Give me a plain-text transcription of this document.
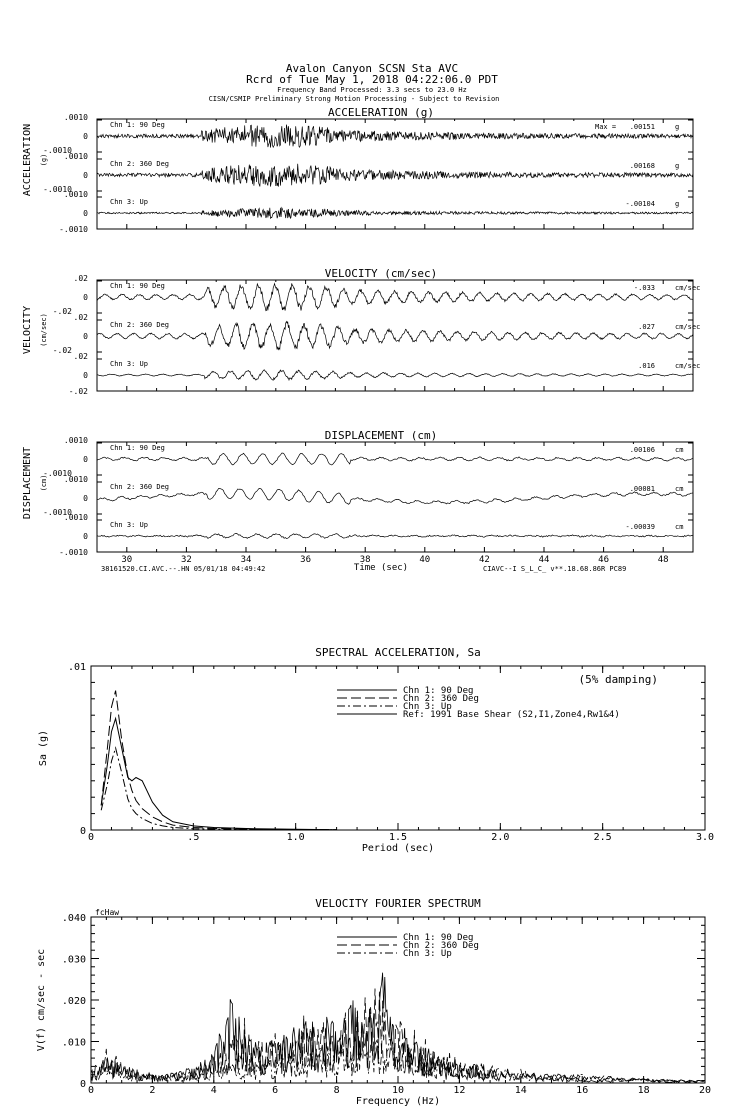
Avalon Canyon SCSN Sta AVC
Rcrd of Tue May 1, 2018 04:22:06.0 PDT
Frequency Band Processed: 3.3 secs to 23.0 Hz
CISN/CSMIP Preliminary Strong Motion Processing - Subject to Revision
ACCELERATION (g)
ACCELERATION (g)
.0010
0
-.0010
Chn 1: 90 Deg	Max = .00151	g
.0010
0
-.0010
Chn 2: 360 Deg	.00168	g
.0010
0
-.0010
Chn 3: Up	-.00104	g
VELOCITY (cm/sec)
VELOCITY (cm/sec)
.02
0
-.02
Chn 1: 90 Deg	-.033	cm/sec
.02
0
-.02
Chn 2: 360 Deg	.027	cm/sec
.02
0
-.02
Chn 3: Up	.016	cm/sec
DISPLACEMENT (cm)
DISPLACEMENT (cm)
.0010
0
-.0010
Chn 1: 90 Deg	.00106	cm
.0010
0
-.0010
Chn 2: 360 Deg	.00081	cm
.0010
0
-.0010
Chn 3: Up	-.00039	cm
30	32	34	36	38	40	42	44	46	48
Time (sec)
38161520.CI.AVC.--.HN 05/01/18 04:49:42	CIAVC--I S_L_C_ v**.18.68.86R PC89
SPECTRAL ACCELERATION, Sa
0	.5	1.0	1.5	2.0	2.5	3.0
0
.01
Period (sec)
Sa (g)
Chn 1: 90 Deg
Chn 2: 360 Deg
Chn 3: Up
Ref: 1991 Base Shear (S2,I1,Zone4,Rw1&4)
(5% damping)
VELOCITY FOURIER SPECTRUM
0	2	4	6	8	10	12	14	16	18	20
0
.010
.020
.030
.040
Frequency (Hz)
V(f) cm/sec - sec
Chn 1: 90 Deg
Chn 2: 360 Deg
Chn 3: Up
fcHaw
